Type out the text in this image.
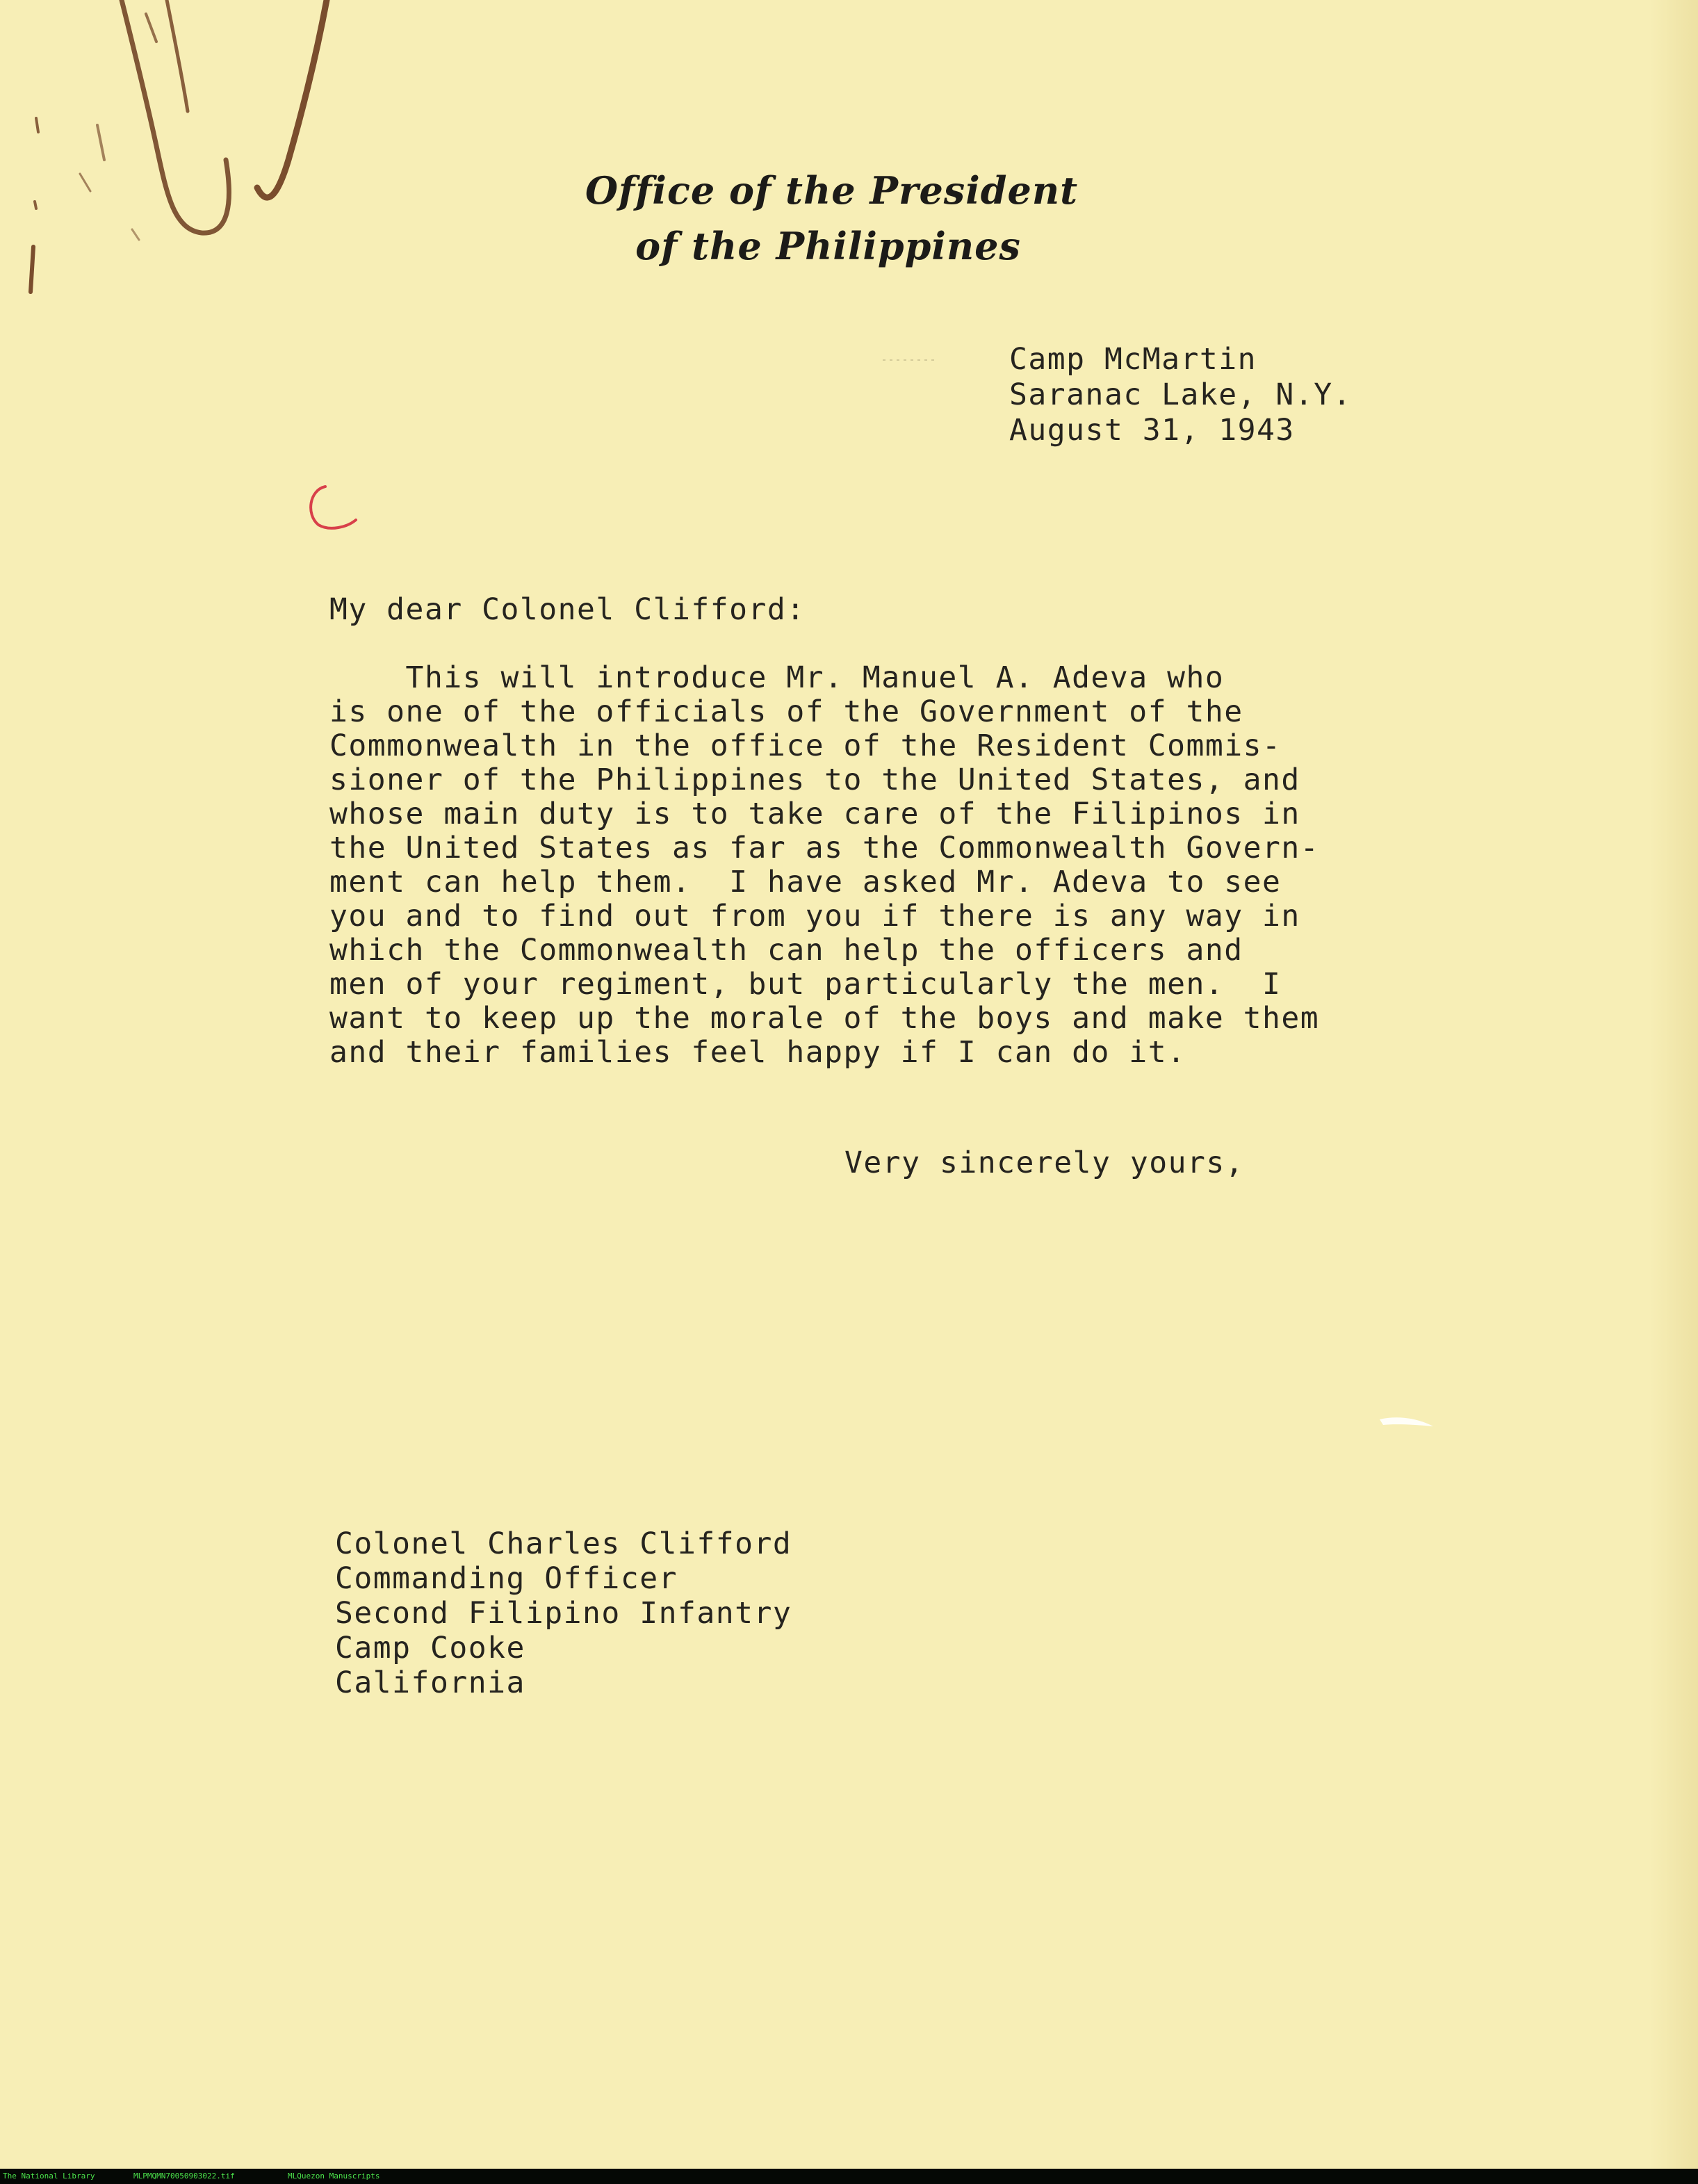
Office of the President
of the Philippines
Camp McMartin
Saranac Lake, N.Y.
August 31, 1943
My dear Colonel Clifford:
This will introduce Mr. Manuel A. Adeva who
is one of the officials of the Government of the
Commonwealth in the office of the Resident Commis-
sioner of the Philippines to the United States, and
whose main duty is to take care of the Filipinos in
the United States as far as the Commonwealth Govern-
ment can help them.  I have asked Mr. Adeva to see
you and to find out from you if there is any way in
which the Commonwealth can help the officers and
men of your regiment, but particularly the men.  I
want to keep up the morale of the boys and make them
and their families feel happy if I can do it.
Very sincerely yours,
Colonel Charles Clifford
Commanding Officer
Second Filipino Infantry
Camp Cooke
California
The National Library	MLPMQMN70050903022.tif	MLQuezon Manuscripts
